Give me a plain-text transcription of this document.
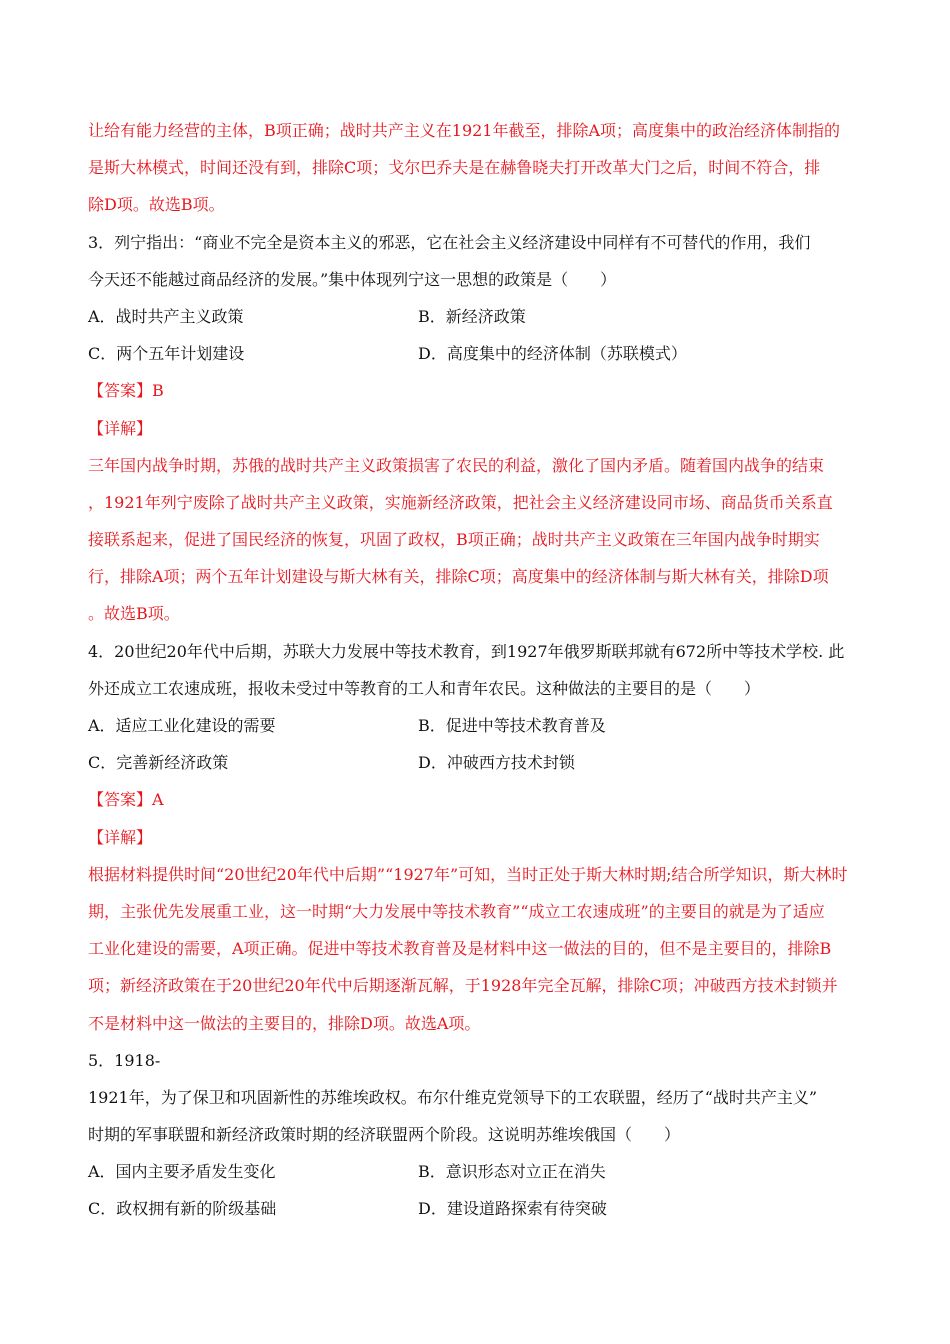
让给有能力经营的主体，B项正确；战时共产主义在1921年截至，排除A项；高度集中的政治经济体制指的
是斯大林模式，时间还没有到，排除C项；戈尔巴乔夫是在赫鲁晓夫打开改革大门之后，时间不符合，排
除D项。故选B项。
3．列宁指出：“商业不完全是资本主义的邪恶，它在社会主义经济建设中同样有不可替代的作用，我们
今天还不能越过商品经济的发展。”集中体现列宁这一思想的政策是（　　）
A．战时共产主义政策	B．新经济政策
C．两个五年计划建设	D．高度集中的经济体制（苏联模式）
【答案】B
【详解】
三年国内战争时期，苏俄的战时共产主义政策损害了农民的利益，激化了国内矛盾。随着国内战争的结束
，1921年列宁废除了战时共产主义政策，实施新经济政策，把社会主义经济建设同市场、商品货币关系直
接联系起来，促进了国民经济的恢复，巩固了政权，B项正确；战时共产主义政策在三年国内战争时期实
行，排除A项；两个五年计划建设与斯大林有关，排除C项；高度集中的经济体制与斯大林有关，排除D项
。故选B项。
4．20世纪20年代中后期，苏联大力发展中等技术教育，到1927年俄罗斯联邦就有672所中等技术学校. 此
外还成立工农速成班，报收未受过中等教育的工人和青年农民。这种做法的主要目的是（　　）
A．适应工业化建设的需要	B．促进中等技术教育普及
C．完善新经济政策	D．冲破西方技术封锁
【答案】A
【详解】
根据材料提供时间“20世纪20年代中后期”“1927年”可知，当时正处于斯大林时期;结合所学知识，斯大林时
期，主张优先发展重工业，这一时期“大力发展中等技术教育”“成立工农速成班”的主要目的就是为了适应
工业化建设的需要，A项正确。促进中等技术教育普及是材料中这一做法的目的，但不是主要目的，排除B
项；新经济政策在于20世纪20年代中后期逐渐瓦解，于1928年完全瓦解，排除C项；冲破西方技术封锁并
不是材料中这一做法的主要目的，排除D项。故选A项。
5．1918-
1921年，为了保卫和巩固新性的苏维埃政权。布尔什维克党领导下的工农联盟，经历了“战时共产主义”
时期的军事联盟和新经济政策时期的经济联盟两个阶段。这说明苏维埃俄国（　　）
A．国内主要矛盾发生变化	B．意识形态对立正在消失
C．政权拥有新的阶级基础	D．建设道路探索有待突破
